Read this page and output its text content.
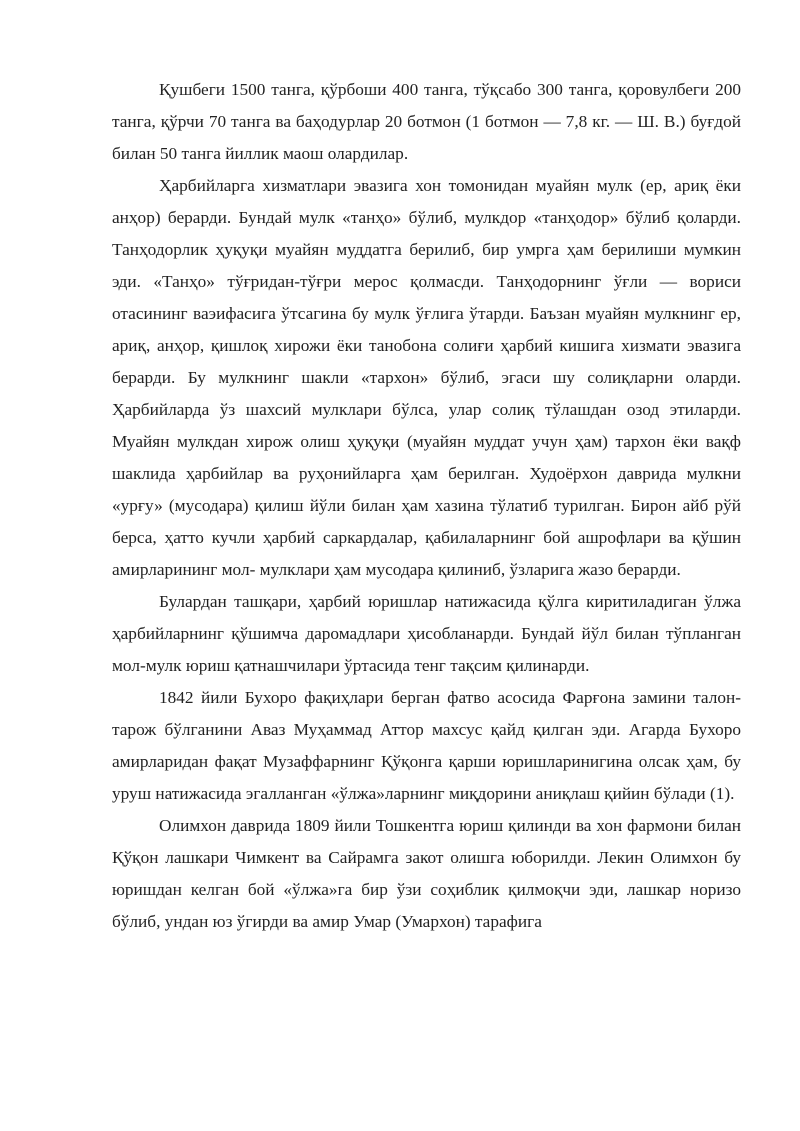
Қушбеги 1500 танга, қўрбоши 400 танга, тўқсабо 300 танга, қоровулбеги 200 танга, қўрчи 70 танга ва баҳодурлар 20 ботмон (1 ботмон — 7,8 кг. — Ш. В.) буғдой билан 50 танга йиллик маош олардилар.

Ҳарбийларга хизматлари эвазига хон томонидан муайян мулк (ер, ариқ ёки анҳор) берарди. Бундай мулк «танҳо» бўлиб, мулкдор «танҳодор» бўлиб қоларди. Танҳодорлик ҳуқуқи муайян муддатга берилиб, бир умрга ҳам берилиши мумкин эди. «Танҳо» тўғридан-тўғри мерос қолмасди. Танҳодорнинг ўғли — вориси отасининг ваэифасига ўтсагина бу мулк ўғлига ўтарди. Баъзан муайян мулкнинг ер, ариқ, анҳор, қишлоқ хирожи ёки танобона солиғи ҳарбий кишига хизмати эвазига берарди. Бу мулкнинг шакли «тархон» бўлиб, эгаси шу солиқларни оларди. Ҳарбийларда ўз шахсий мулклари бўлса, улар солиқ тўлашдан озод этиларди. Муайян мулкдан хирож олиш ҳуқуқи (муайян муддат учун ҳам) тархон ёки вақф шаклида ҳарбийлар ва руҳонийларга ҳам берилган. Худоёрхон даврида мулкни «урғу» (мусодара) қилиш йўли билан ҳам хазина тўлатиб турилган. Бирон айб рўй берса, ҳатто кучли ҳарбий саркардалар, қабилаларнинг бой ашрофлари ва қўшин амирларининг мол- мулклари ҳам мусодара қилиниб, ўзларига жазо берарди.

Булардан ташқари, ҳарбий юришлар натижасида қўлга киритиладиган ўлжа ҳарбийларнинг қўшимча даромадлари ҳисобланарди. Бундай йўл билан тўпланган мол-мулк юриш қатнашчилари ўртасида тенг тақсим қилинарди.

1842 йили Бухоро фақиҳлари берган фатво асосида Фарғона замини талон-тарож бўлганини Аваз Муҳаммад Аттор махсус қайд қилган эди. Агарда Бухоро амирларидан фақат Музаффарнинг Қўқонга қарши юришларинигина олсак ҳам, бу уруш натижасида эгалланган «ўлжа»ларнинг миқдорини аниқлаш қийин бўлади (1).

Олимхон даврида 1809 йили Тошкентга юриш қилинди ва хон фармони билан Қўқон лашкари Чимкент ва Сайрамга закот олишга юборилди. Лекин Олимхон бу юришдан келган бой «ўлжа»га бир ўзи соҳиблик қилмоқчи эди, лашкар норизо бўлиб, ундан юз ўгирди ва амир Умар (Умархон) тарафига
